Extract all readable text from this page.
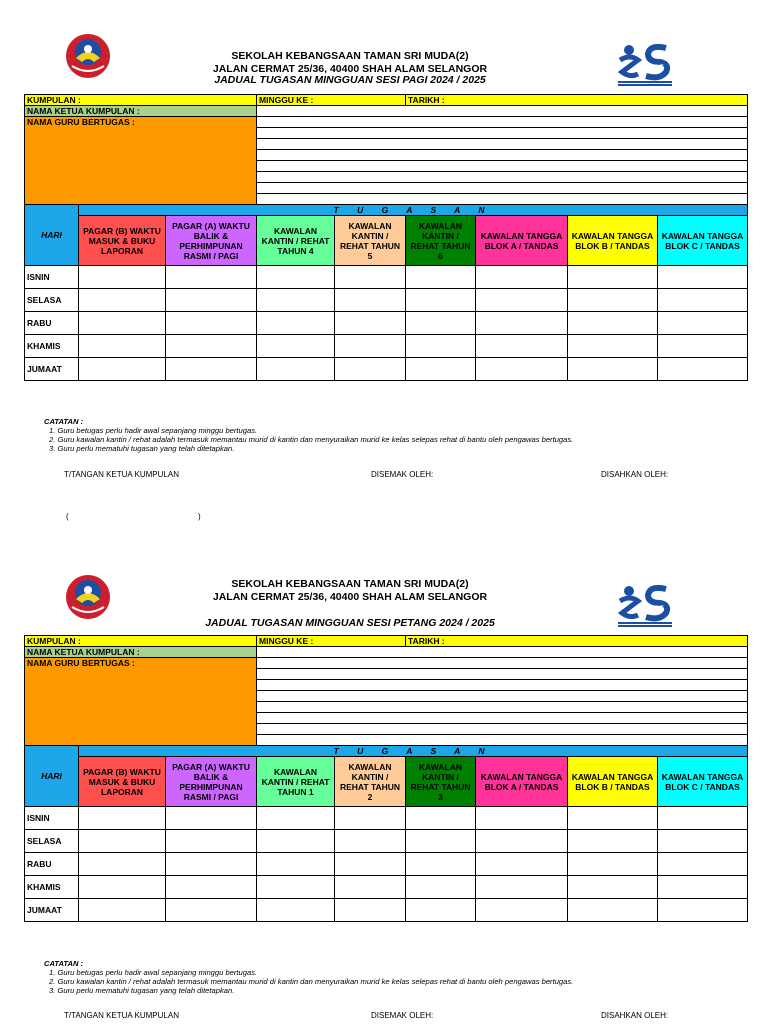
SEKOLAH KEBANGSAAN TAMAN SRI MUDA(2)
JALAN CERMAT 25/36, 40400 SHAH ALAM SELANGOR	25
JADUAL TUGASAN MINGGUAN SESI PAGI 2024 / 2025
KUMPULAN :			MINGGU KE :		TARIKH :			
NAMA KETUA KUMPULAN :								
NAMA GURU BERTUGAS :								

HARI	T U G A S A N							
	PAGAR (B) WAKTU MASUK & BUKU LAPORAN	PAGAR (A) WAKTU BALIK & PERHIMPUNAN RASMI / PAGI	KAWALAN KANTIN / REHAT TAHUN 4	KAWALAN KANTIN / REHAT TAHUN 5	KAWALAN KANTIN / REHAT TAHUN 6	KAWALAN TANGGA BLOK A / TANDAS	KAWALAN TANGGA BLOK B / TANDAS	KAWALAN TANGGA BLOK C / TANDAS
ISNIN								
SELASA								
RABU								
KHAMIS								
JUMAAT								
CATATAN :
1. Guru betugas perlu hadir awal sepanjang minggu bertugas.
2. Guru kawalan kantin / rehat adalah termasuk memantau murid di kantin dan menyuraikan murid ke kelas selepas rehat di bantu oleh pengawas bertugas.
3. Guru perlu mematuhi tugasan yang telah ditetapkan.
T/TANGAN KETUA KUMPULAN	DISEMAK OLEH:	DISAHKAN OLEH:
(	)
SEKOLAH KEBANGSAAN TAMAN SRI MUDA(2)
JALAN CERMAT 25/36, 40400 SHAH ALAM SELANGOR
25
JADUAL TUGASAN MINGGUAN SESI PETANG 2024 / 2025
KUMPULAN :			MINGGU KE :		TARIKH :			
NAMA KETUA KUMPULAN :								
NAMA GURU BERTUGAS :								

HARI	T U G A S A N							
	PAGAR (B) WAKTU MASUK & BUKU LAPORAN	PAGAR (A) WAKTU BALIK & PERHIMPUNAN RASMI / PAGI	KAWALAN KANTIN / REHAT TAHUN 1	KAWALAN KANTIN / REHAT TAHUN 2	KAWALAN KANTIN / REHAT TAHUN 3	KAWALAN TANGGA BLOK A / TANDAS	KAWALAN TANGGA BLOK B / TANDAS	KAWALAN TANGGA BLOK C / TANDAS
ISNIN								
SELASA								
RABU								
KHAMIS								
JUMAAT								
CATATAN :
1. Guru betugas perlu hadir awal sepanjang minggu bertugas.
2. Guru kawalan kantin / rehat adalah termasuk memantau murid di kantin dan menyuraikan murid ke kelas selepas rehat di bantu oleh pengawas bertugas.
3. Guru perlu mematuhi tugasan yang telah ditetapkan.
T/TANGAN KETUA KUMPULAN	DISEMAK OLEH:	DISAHKAN OLEH:
